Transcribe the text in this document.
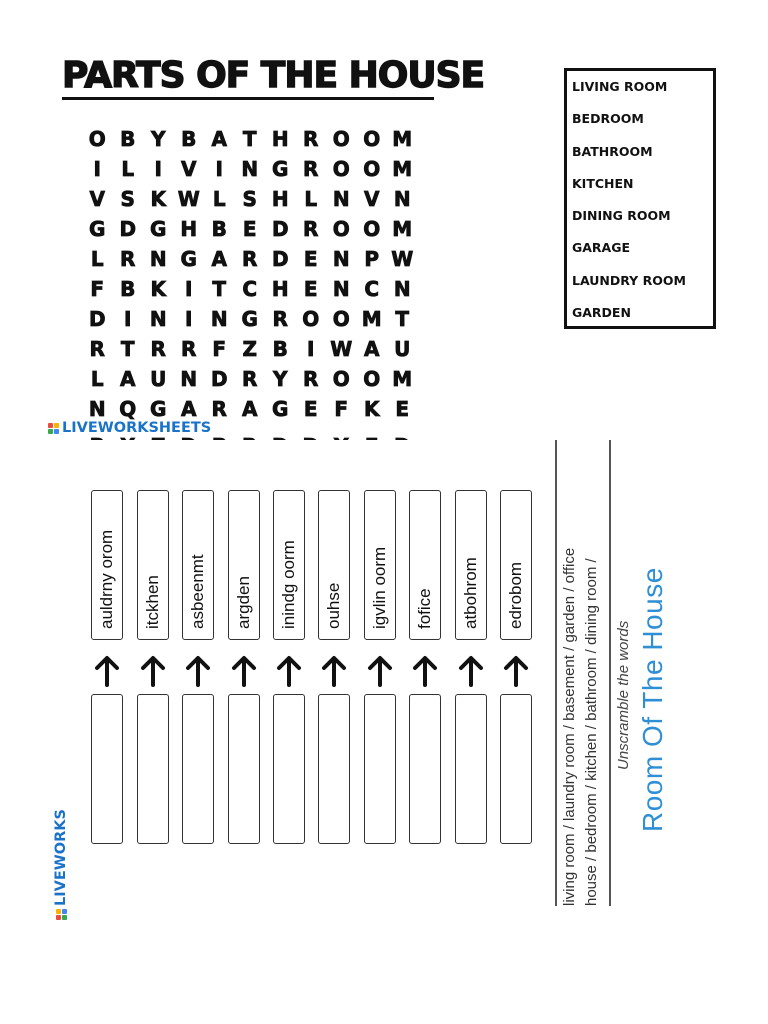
PARTS OF THE HOUSE
O B Y B A T H R O O M
I	L	I V I N G R O O M
V S K W L S H L N V N
G D G H B E D R O O M
L R N G A R D E N P W
F B K I T C H E N C N
D I N I N G R O O M T
R T R R F Z B I W A U
L A U N D R Y R O O M
N Q G A R A G E F K E
LIVING ROOM
BEDROOM
BATHROOM
KITCHEN
DINING ROOM
GARAGE
LAUNDRY ROOM
GARDEN
LIVEWORKSHEETS
Room Of The House
Unscramble the words
house / bedroom / kitchen / bathroom / dining room /
living room / laundry room / basement / garden / office
edrobom
atbohrom
fofice
igvlin oorm
ouhse
inindg oorm
argden
asbeenmt
itckhen
auldrny orom
LIVEWORKS
